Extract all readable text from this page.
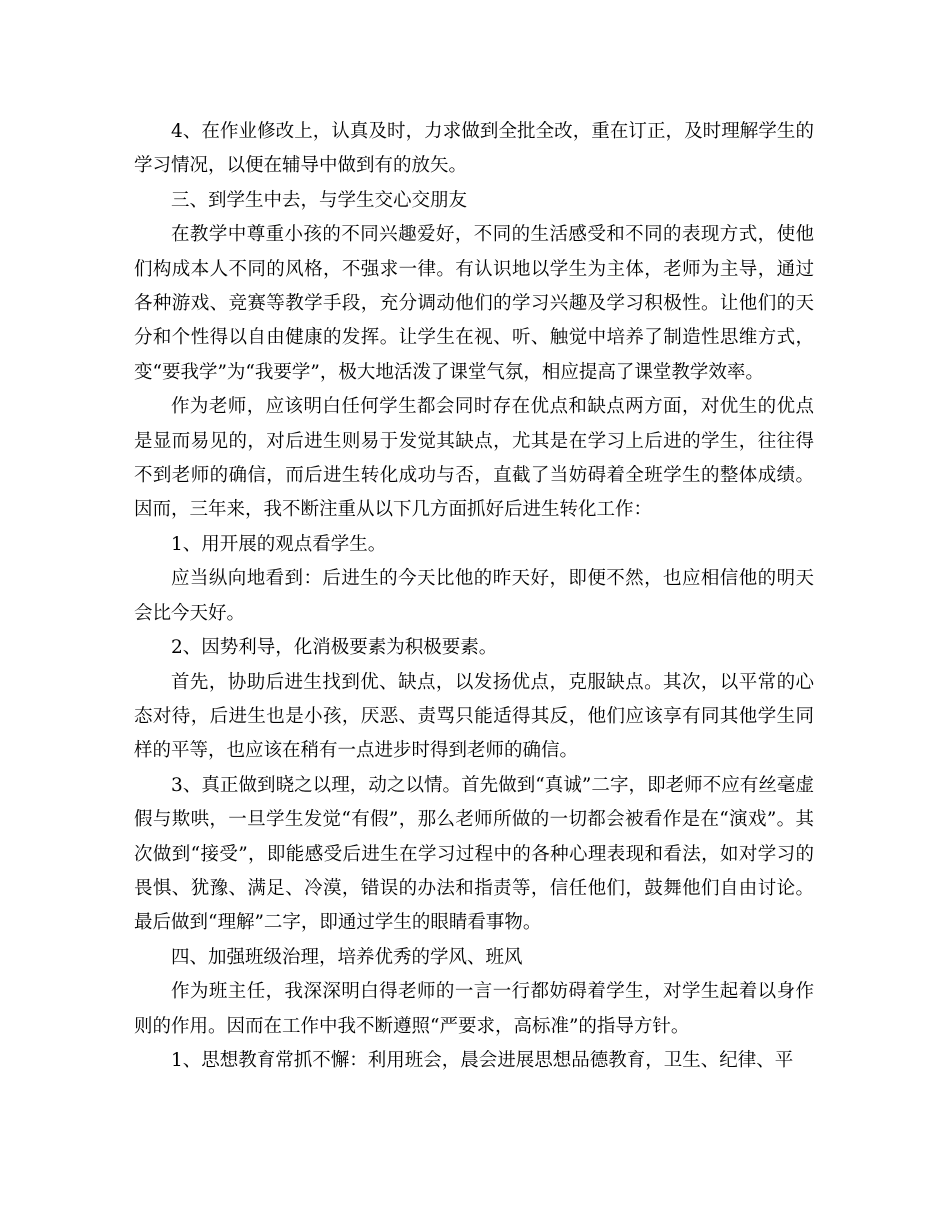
4、在作业修改上，认真及时，力求做到全批全改，重在订正，及时理解学生的学习情况，以便在辅导中做到有的放矢。

三、到学生中去，与学生交心交朋友

在教学中尊重小孩的不同兴趣爱好，不同的生活感受和不同的表现方式，使他们构成本人不同的风格，不强求一律。有认识地以学生为主体，老师为主导，通过各种游戏、竞赛等教学手段，充分调动他们的学习兴趣及学习积极性。让他们的天分和个性得以自由健康的发挥。让学生在视、听、触觉中培养了制造性思维方式，变“要我学”为“我要学”，极大地活泼了课堂气氛，相应提高了课堂教学效率。

作为老师，应该明白任何学生都会同时存在优点和缺点两方面，对优生的优点是显而易见的，对后进生则易于发觉其缺点，尤其是在学习上后进的学生，往往得不到老师的确信，而后进生转化成功与否，直截了当妨碍着全班学生的整体成绩。因而，三年来，我不断注重从以下几方面抓好后进生转化工作：

1、用开展的观点看学生。

应当纵向地看到：后进生的今天比他的昨天好，即便不然，也应相信他的明天会比今天好。

2、因势利导，化消极要素为积极要素。

首先，协助后进生找到优、缺点，以发扬优点，克服缺点。其次，以平常的心态对待，后进生也是小孩，厌恶、责骂只能适得其反，他们应该享有同其他学生同样的平等，也应该在稍有一点进步时得到老师的确信。

3、真正做到晓之以理，动之以情。首先做到“真诚”二字，即老师不应有丝毫虚假与欺哄，一旦学生发觉“有假”，那么老师所做的一切都会被看作是在“演戏”。其次做到“接受”，即能感受后进生在学习过程中的各种心理表现和看法，如对学习的畏惧、犹豫、满足、冷漠，错误的办法和指责等，信任他们，鼓舞他们自由讨论。最后做到“理解”二字，即通过学生的眼睛看事物。

四、加强班级治理，培养优秀的学风、班风

作为班主任，我深深明白得老师的一言一行都妨碍着学生，对学生起着以身作则的作用。因而在工作中我不断遵照“严要求，高标准”的指导方针。

1、思想教育常抓不懈：利用班会，晨会进展思想品德教育，卫生、纪律、平
